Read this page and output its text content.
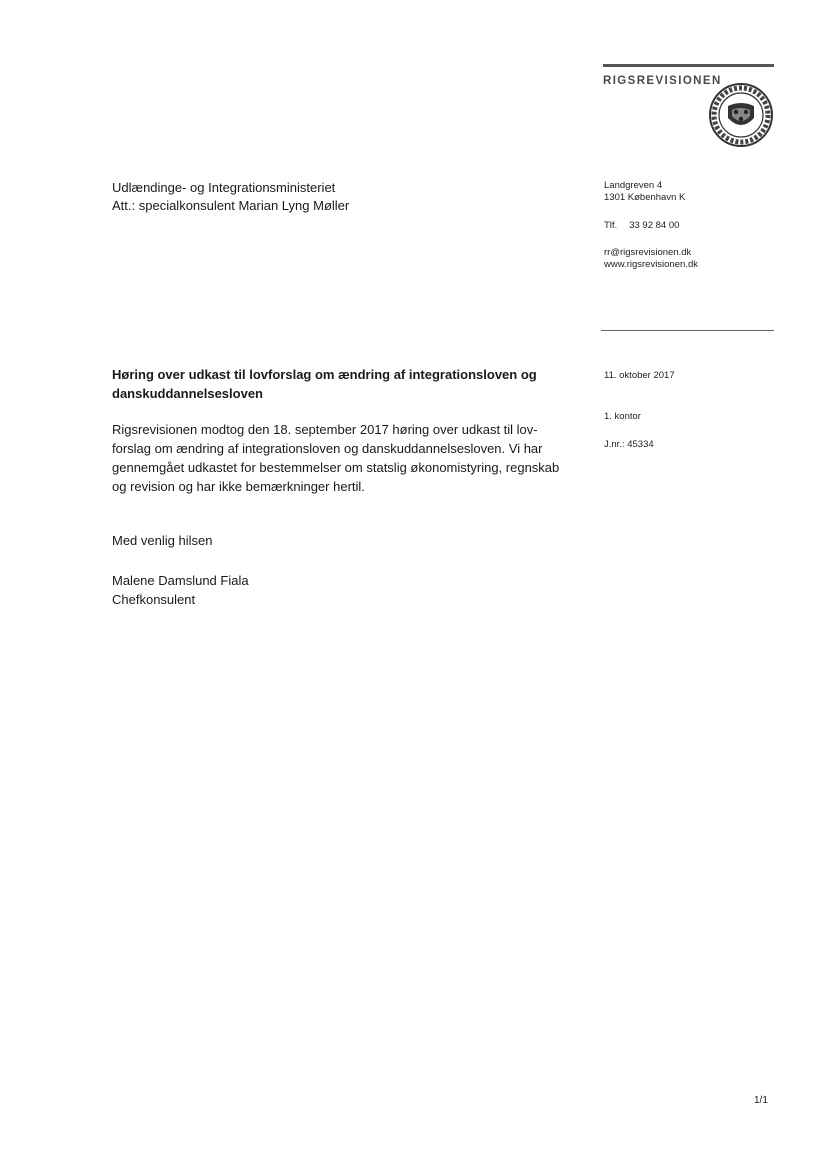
RIGSREVISIONEN
Udlændinge- og Integrationsministeriet
Att.: specialkonsulent Marian Lyng Møller
Landgreven 4
1301 København K
Tlf. 33 92 84 00
rr@rigsrevisionen.dk
www.rigsrevisionen.dk
11. oktober 2017
1. kontor
J.nr.: 45334
Høring over udkast til lovforslag om ændring af integrationsloven og
danskuddannelsesloven
Rigsrevisionen modtog den 18. september 2017 høring over udkast til lov-
forslag om ændring af integrationsloven og danskuddannelsesloven. Vi har
gennemgået udkastet for bestemmelser om statslig økonomistyring, regnskab
og revision og har ikke bemærkninger hertil.
Med venlig hilsen
Malene Damslund Fiala
Chefkonsulent
1/1
